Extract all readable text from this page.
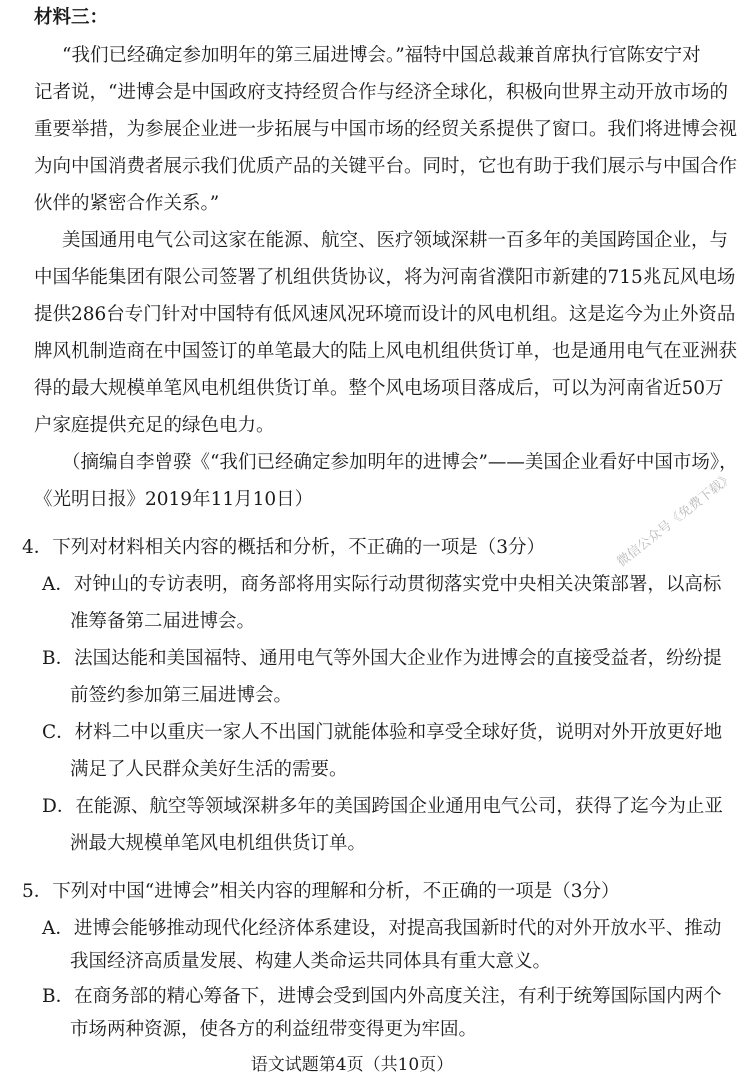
材料三：
“我们已经确定参加明年的第三届进博会。”福特中国总裁兼首席执行官陈安宁对
记者说，“进博会是中国政府支持经贸合作与经济全球化，积极向世界主动开放市场的
重要举措，为参展企业进一步拓展与中国市场的经贸关系提供了窗口。我们将进博会视
为向中国消费者展示我们优质产品的关键平台。同时，它也有助于我们展示与中国合作
伙伴的紧密合作关系。”
美国通用电气公司这家在能源、航空、医疗领域深耕一百多年的美国跨国企业，与
中国华能集团有限公司签署了机组供货协议，将为河南省濮阳市新建的715兆瓦风电场
提供286台专门针对中国特有低风速风况环境而设计的风电机组。这是迄今为止外资品
牌风机制造商在中国签订的单笔最大的陆上风电机组供货订单，也是通用电气在亚洲获
得的最大规模单笔风电机组供货订单。整个风电场项目落成后，可以为河南省近50万
户家庭提供充足的绿色电力。
（摘编自李曾骙《“我们已经确定参加明年的进博会”——美国企业看好中国市场》，
《光明日报》2019年11月10日）
4．下列对材料相关内容的概括和分析，不正确的一项是（3分）
A．对钟山的专访表明，商务部将用实际行动贯彻落实党中央相关决策部署，以高标
准筹备第二届进博会。
B．法国达能和美国福特、通用电气等外国大企业作为进博会的直接受益者，纷纷提
前签约参加第三届进博会。
C．材料二中以重庆一家人不出国门就能体验和享受全球好货，说明对外开放更好地
满足了人民群众美好生活的需要。
D．在能源、航空等领域深耕多年的美国跨国企业通用电气公司，获得了迄今为止亚
洲最大规模单笔风电机组供货订单。
5．下列对中国“进博会”相关内容的理解和分析，不正确的一项是（3分）
A．进博会能够推动现代化经济体系建设，对提高我国新时代的对外开放水平、推动
我国经济高质量发展、构建人类命运共同体具有重大意义。
B．在商务部的精心筹备下，进博会受到国内外高度关注，有利于统筹国际国内两个
市场两种资源，使各方的利益纽带变得更为牢固。
语文试题第4页（共10页）
微信公众号《免费下载》
